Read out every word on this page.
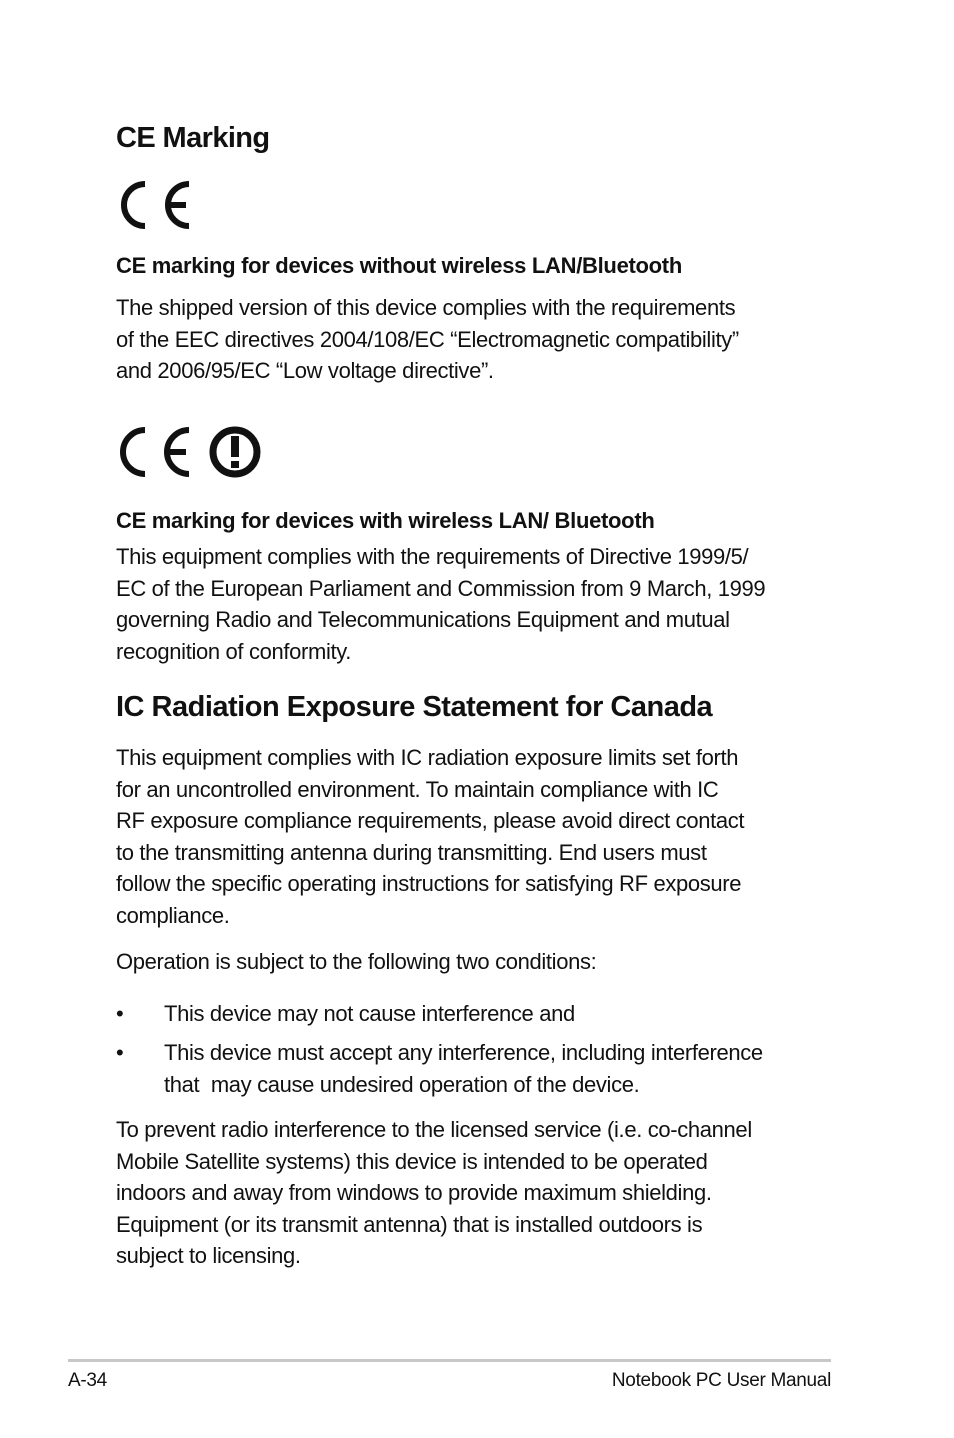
CE Marking
CE marking for devices without wireless LAN/Bluetooth
The shipped version of this device complies with the requirements
of the EEC directives 2004/108/EC “Electromagnetic compatibility”
and 2006/95/EC “Low voltage directive”.
CE marking for devices with wireless LAN/ Bluetooth
This equipment complies with the requirements of Directive 1999/5/
EC of the European Parliament and Commission from 9 March, 1999
governing Radio and Telecommunications Equipment and mutual
recognition of conformity.
IC Radiation Exposure Statement for Canada
This equipment complies with IC radiation exposure limits set forth
for an uncontrolled environment. To maintain compliance with IC
RF exposure compliance requirements, please avoid direct contact
to the transmitting antenna during transmitting. End users must
follow the specific operating instructions for satisfying RF exposure
compliance.
Operation is subject to the following two conditions:
•	This device may not cause interference and
•	This device must accept any interference, including interference
that  may cause undesired operation of the device.
To prevent radio interference to the licensed service (i.e. co-channel
Mobile Satellite systems) this device is intended to be operated
indoors and away from windows to provide maximum shielding.
Equipment (or its transmit antenna) that is installed outdoors is
subject to licensing.
A-34	Notebook PC User Manual
